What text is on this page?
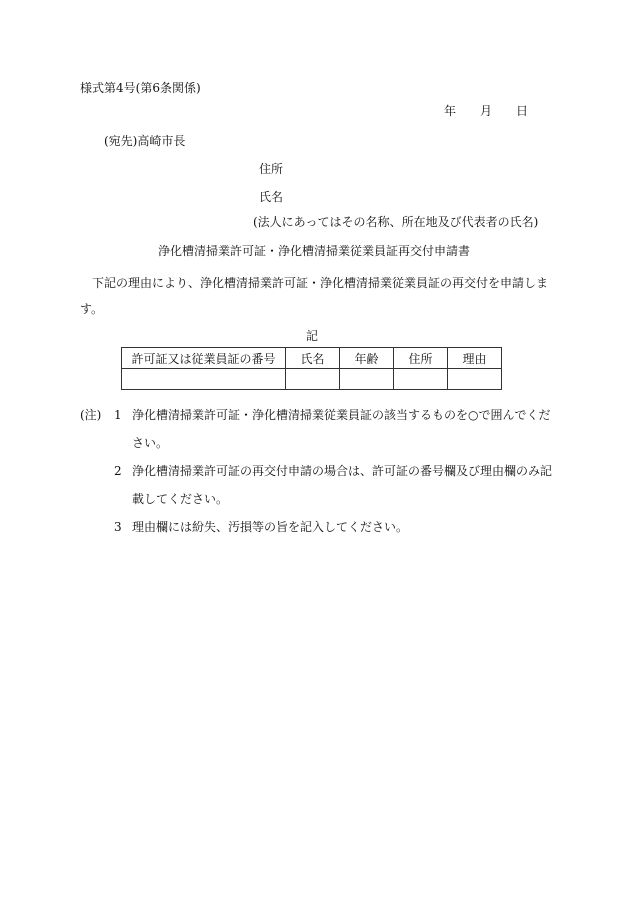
様式第4号(第6条関係)
年 月 日
(宛先)高崎市長
住所
氏名
(法人にあってはその名称、所在地及び代表者の氏名)
浄化槽清掃業許可証・浄化槽清掃業従業員証再交付申請書
下記の理由により、浄化槽清掃業許可証・浄化槽清掃業従業員証の再交付を申請します。
記
許可証又は従業員証の番号	氏名	年齢	住所	理由

(注)	1 浄化槽清掃業許可証・浄化槽清掃業従業員証の該当するものを○で囲んでください。
2 浄化槽清掃業許可証の再交付申請の場合は、許可証の番号欄及び理由欄のみ記載してください。
3 理由欄には紛失、汚損等の旨を記入してください。
